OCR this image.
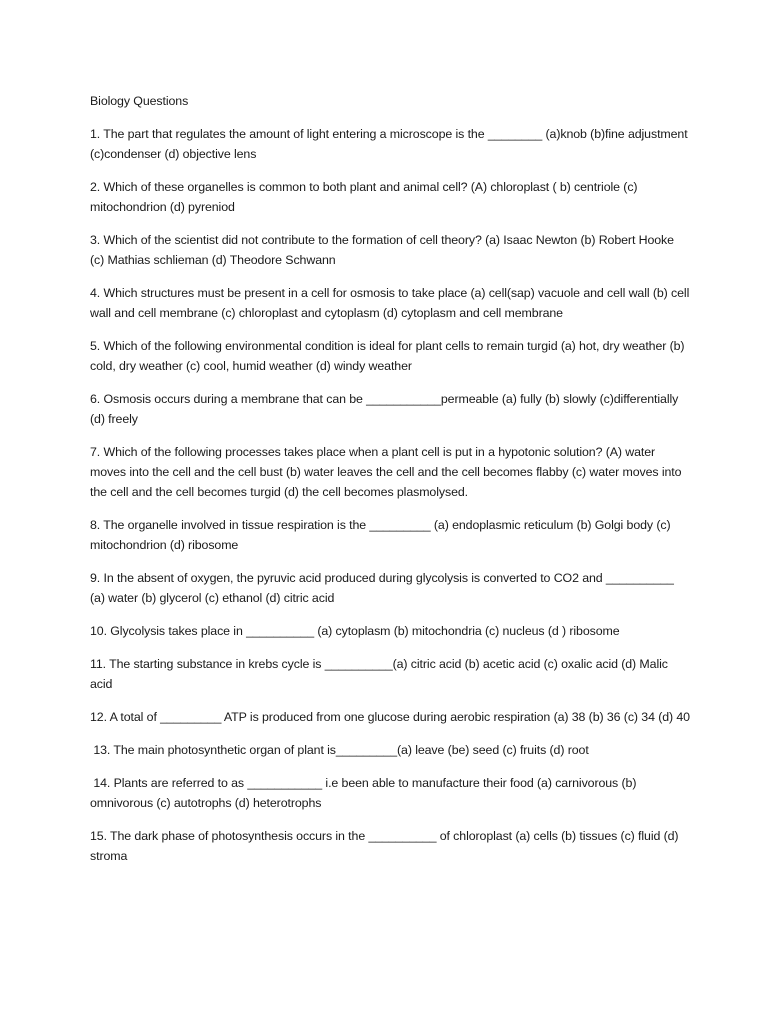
Biology Questions
1. The part that regulates the amount of light entering a microscope is the ________ (a)knob (b)fine adjustment (c)condenser (d) objective lens
2. Which of these organelles is common to both plant and animal cell? (A) chloroplast ( b) centriole (c) mitochondrion (d) pyreniod
3. Which of the scientist did not contribute to the formation of cell theory? (a) Isaac Newton (b) Robert Hooke (c) Mathias schlieman (d) Theodore Schwann
4. Which structures must be present in a cell for osmosis to take place (a) cell(sap) vacuole and cell wall (b) cell wall and cell membrane (c) chloroplast and cytoplasm (d) cytoplasm and cell membrane
5. Which of the following environmental condition is ideal for plant cells to remain turgid (a) hot, dry weather (b) cold, dry weather (c) cool, humid weather (d) windy weather
6. Osmosis occurs during a membrane that can be ___________permeable (a) fully (b) slowly (c)differentially (d) freely
7. Which of the following processes takes place when a plant cell is put in a hypotonic solution? (A) water moves into the cell and the cell bust (b) water leaves the cell and the cell becomes flabby (c) water moves into the cell and the cell becomes turgid (d) the cell becomes plasmolysed.
8. The organelle involved in tissue respiration is the _________ (a) endoplasmic reticulum (b) Golgi body (c) mitochondrion (d) ribosome
9. In the absent of oxygen, the pyruvic acid produced during glycolysis is converted to CO2 and __________ (a) water (b) glycerol (c) ethanol (d) citric acid
10. Glycolysis takes place in __________ (a) cytoplasm (b) mitochondria (c) nucleus (d ) ribosome
11. The starting substance in krebs cycle is __________(a) citric acid (b) acetic acid (c) oxalic acid (d) Malic acid
12. A total of _________ ATP is produced from one glucose during aerobic respiration (a) 38 (b) 36 (c) 34 (d) 40
13. The main photosynthetic organ of plant is_________(a) leave (be) seed (c) fruits (d) root
14. Plants are referred to as ___________ i.e been able to manufacture their food (a) carnivorous (b) omnivorous (c) autotrophs (d) heterotrophs
15. The dark phase of photosynthesis occurs in the __________ of chloroplast (a) cells (b) tissues (c) fluid (d) stroma
